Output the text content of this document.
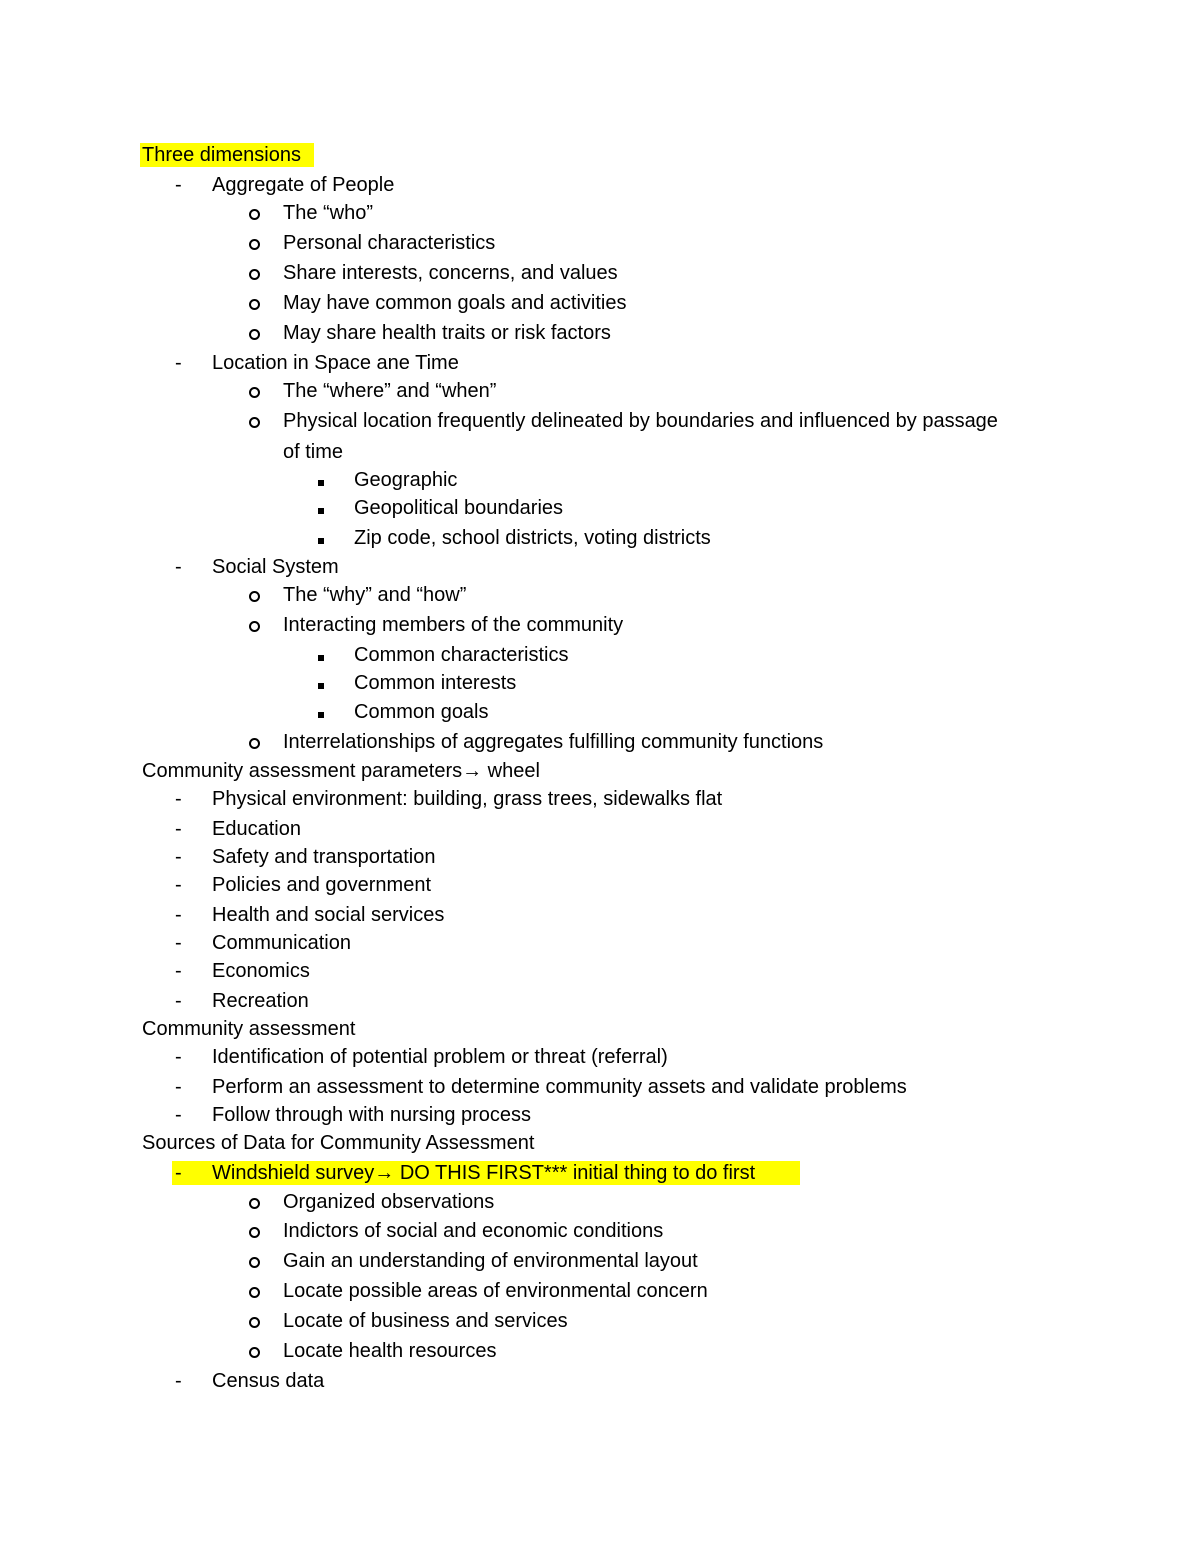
Three dimensions
-	Aggregate of People
The “who”
Personal characteristics
Share interests, concerns, and values
May have common goals and activities
May share health traits or risk factors
-	Location in Space ane Time
The “where” and “when”
Physical location frequently delineated by boundaries and influenced by passage
of time
Geographic
Geopolitical boundaries
Zip code, school districts, voting districts
-	Social System
The “why” and “how”
Interacting members of the community
Common characteristics
Common interests
Common goals
Interrelationships of aggregates fulfilling community functions
Community assessment parameters→ wheel
-	Physical environment: building, grass trees, sidewalks flat
-	Education
-	Safety and transportation
-	Policies and government
-	Health and social services
-	Communication
-	Economics
-	Recreation
Community assessment
-	Identification of potential problem or threat (referral)
-	Perform an assessment to determine community assets and validate problems
-	Follow through with nursing process
Sources of Data for Community Assessment
-	Windshield survey→ DO THIS FIRST*** initial thing to do first
Organized observations
Indictors of social and economic conditions
Gain an understanding of environmental layout
Locate possible areas of environmental concern
Locate of business and services
Locate health resources
-	Census data
